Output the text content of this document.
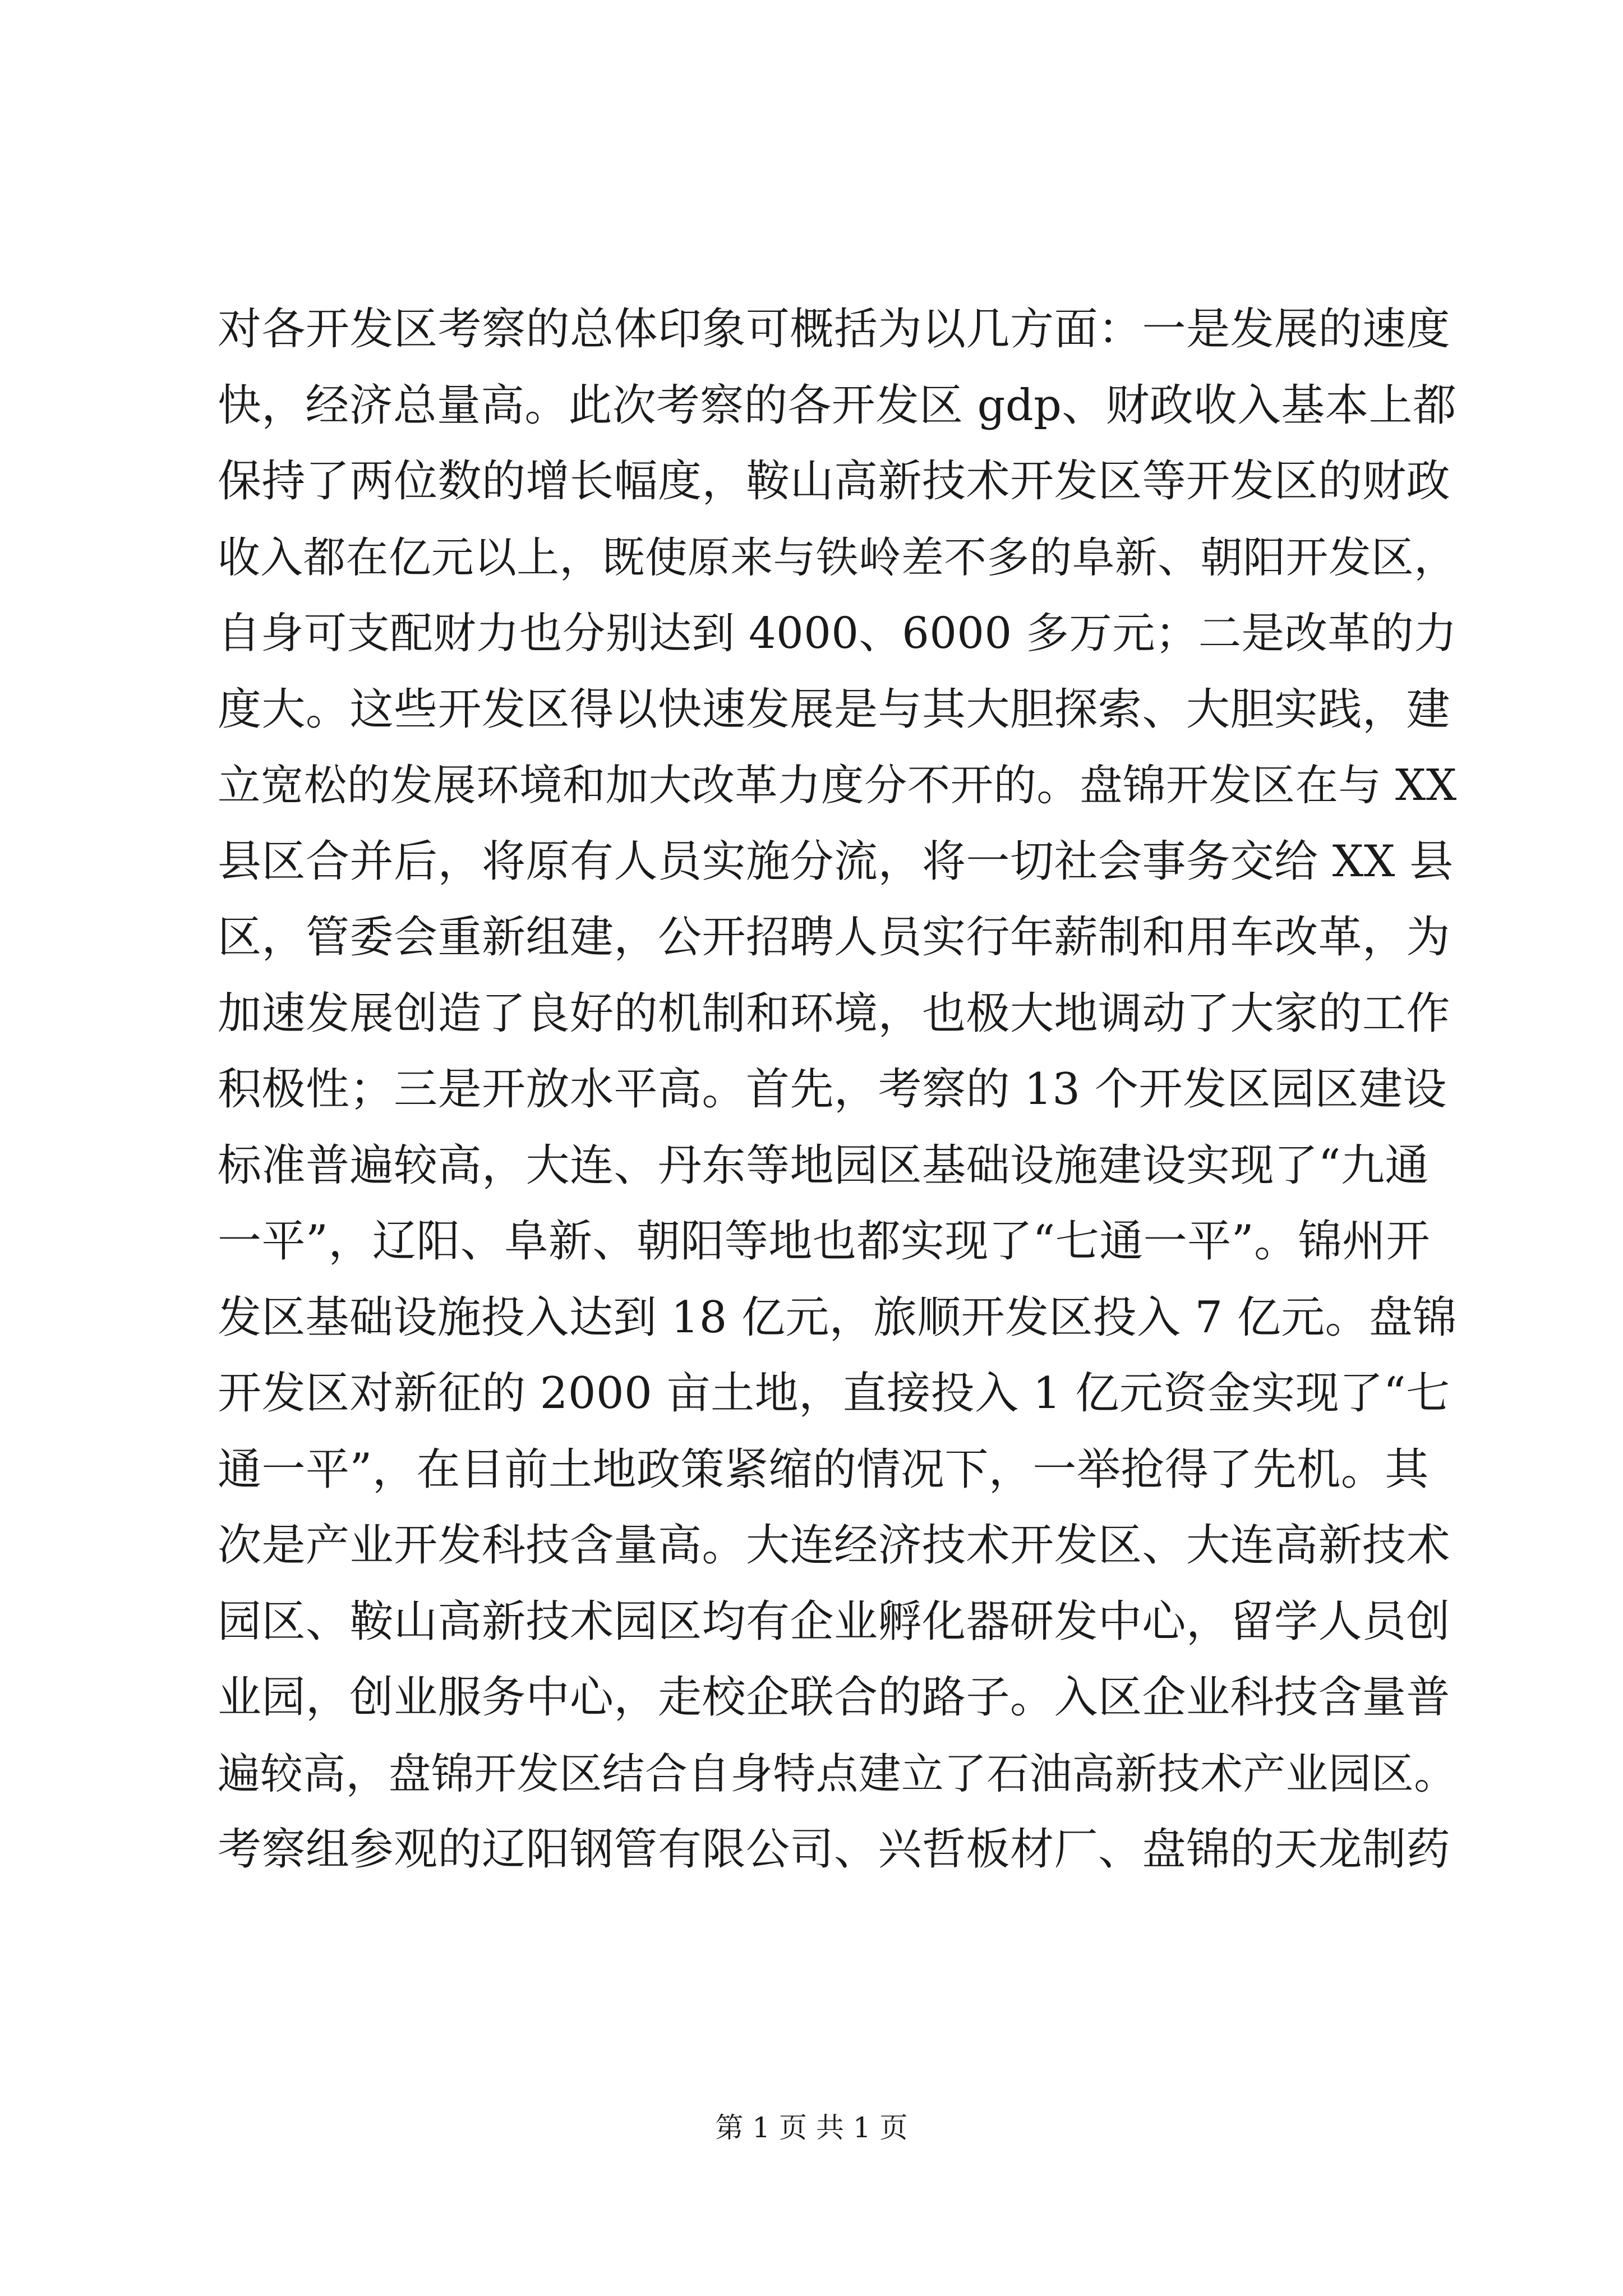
对各开发区考察的总体印象可概括为以几方面：一是发展的速度
快，经济总量高。此次考察的各开发区 gdp、财政收入基本上都
保持了两位数的增长幅度，鞍山高新技术开发区等开发区的财政
收入都在亿元以上，既使原来与铁岭差不多的阜新、朝阳开发区，
自身可支配财力也分别达到 4000、6000 多万元；二是改革的力
度大。这些开发区得以快速发展是与其大胆探索、大胆实践，建
立宽松的发展环境和加大改革力度分不开的。盘锦开发区在与 XX
县区合并后，将原有人员实施分流，将一切社会事务交给 XX 县
区，管委会重新组建，公开招聘人员实行年薪制和用车改革，为
加速发展创造了良好的机制和环境，也极大地调动了大家的工作
积极性；三是开放水平高。首先，考察的 13 个开发区园区建设
标准普遍较高，大连、丹东等地园区基础设施建设实现了“九通
一平”，辽阳、阜新、朝阳等地也都实现了“七通一平”。锦州开
发区基础设施投入达到 18 亿元，旅顺开发区投入 7 亿元。盘锦
开发区对新征的 2000 亩土地，直接投入 1 亿元资金实现了“七
通一平”，在目前土地政策紧缩的情况下，一举抢得了先机。其
次是产业开发科技含量高。大连经济技术开发区、大连高新技术
园区、鞍山高新技术园区均有企业孵化器研发中心，留学人员创
业园，创业服务中心，走校企联合的路子。入区企业科技含量普
遍较高，盘锦开发区结合自身特点建立了石油高新技术产业园区。
考察组参观的辽阳钢管有限公司、兴哲板材厂、盘锦的天龙制药
第 1 页 共 1 页
